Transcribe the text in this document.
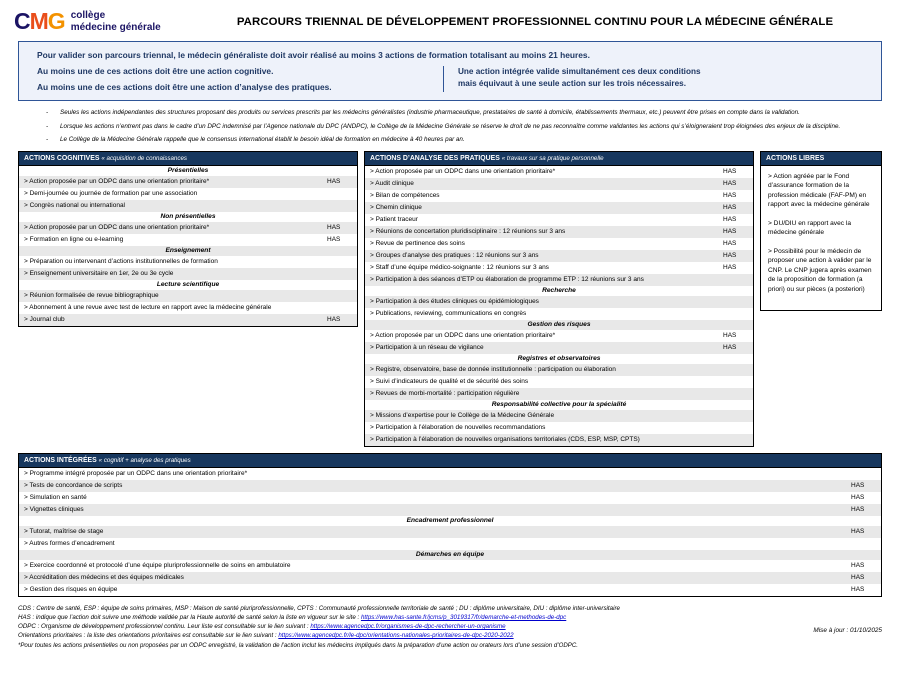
CMG collège
médecine générale	PARCOURS TRIENNAL DE DÉVELOPPEMENT PROFESSIONNEL CONTINU POUR LA MÉDECINE GÉNÉRALE
Pour valider son parcours triennal, le médecin généraliste doit avoir réalisé au moins 3 actions de formation totalisant au moins 21 heures.
Au moins une de ces actions doit être une action cognitive.
Au moins une de ces actions doit être une action d’analyse des pratiques.
Une action intégrée valide simultanément ces deux conditions
mais équivaut à une seule action sur les trois nécessaires.
-	Seules les actions indépendantes des structures proposant des produits ou services prescrits par les médecins généralistes (industrie pharmaceutique, prestataires de santé à domicile, établissements thermaux, etc.) peuvent être prises en compte dans la validation.
-	Lorsque les actions n’entrent pas dans le cadre d’un DPC indemnisé par l’Agence nationale du DPC (ANDPC), le Collège de la Médecine Générale se réserve le droit de ne pas reconnaître comme validantes les actions qui s’éloigneraient trop éloignées des enjeux de la discipline.
-	Le Collège de la Médecine Générale rappelle que le consensus international établit le besoin idéal de formation en médecine à 40 heures par an.
ACTIONS COGNITIVES « acquisition de connaissances
Présentielles
> Action proposée par un ODPC dans une orientation prioritaire*	HAS
> Demi-journée ou journée de formation par une association
> Congrès national ou international
Non présentielles
> Action proposée par un ODPC dans une orientation prioritaire*	HAS
> Formation en ligne ou e-learning	HAS
Enseignement
> Préparation ou intervenant d’actions institutionnelles de formation
> Enseignement universitaire en 1er, 2e ou 3e cycle
Lecture scientifique
> Réunion formalisée de revue bibliographique
> Abonnement à une revue avec test de lecture en rapport avec la médecine générale
> Journal club	HAS
ACTIONS D’ANALYSE DES PRATIQUES « travaux sur sa pratique personnelle
> Action proposée par un ODPC dans une orientation prioritaire*	HAS
> Audit clinique	HAS
> Bilan de compétences	HAS
> Chemin clinique	HAS
> Patient traceur	HAS
> Réunions de concertation pluridisciplinaire : 12 réunions sur 3 ans	HAS
> Revue de pertinence des soins	HAS
> Groupes d’analyse des pratiques : 12 réunions sur 3 ans	HAS
> Staff d’une équipe médico-soignante : 12 réunions sur 3 ans	HAS
> Participation à des séances d’ETP ou élaboration de programme ETP : 12 réunions sur 3 ans
Recherche
> Participation à des études cliniques ou épidémiologiques
> Publications, reviewing, communications en congrès
Gestion des risques
> Action proposée par un ODPC dans une orientation prioritaire*	HAS
> Participation à un réseau de vigilance	HAS
Registres et observatoires
> Registre, observatoire, base de donnée institutionnelle : participation ou élaboration
> Suivi d’indicateurs de qualité et de sécurité des soins
> Revues de morbi-mortalité : participation régulière
Responsabilité collective pour la spécialité
> Missions d’expertise pour le Collège de la Médecine Générale
> Participation à l’élaboration de nouvelles recommandations
> Participation à l’élaboration de nouvelles organisations territoriales (CDS, ESP, MSP, CPTS)
ACTIONS LIBRES

> Action agréée par le Fond d’assurance formation de la profession médicale (FAF-PM) en rapport avec la médecine générale

> DU/DIU en rapport avec la médecine générale

> Possibilité pour le médecin de proposer une action à valider par le CNP. Le CNP jugera après examen de la proposition de formation (a priori) ou sur pièces (a posteriori)

ACTIONS INTÉGRÉES « cognitif + analyse des pratiques
> Programme intégré proposée par un ODPC dans une orientation prioritaire*
> Tests de concordance de scripts	HAS
> Simulation en santé	HAS
> Vignettes cliniques	HAS
Encadrement professionnel
> Tutorat, maîtrise de stage	HAS
> Autres formes d’encadrement
Démarches en équipe
> Exercice coordonné et protocolé d’une équipe pluriprofessionnelle de soins en ambulatoire	HAS
> Accréditation des médecins et des équipes médicales	HAS
> Gestion des risques en équipe	HAS
CDS : Centre de santé, ESP : équipe de soins primaires, MSP : Maison de santé pluriprofessionnelle, CPTS : Communauté professionnelle territoriale de santé ; DU : diplôme universitaire, DIU : diplôme inter-universitaire
HAS : indique que l’action doit suivre une méthode validée par la Haute autorité de santé selon la liste en vigueur sur le site : https://www.has-sante.fr/jcms/p_3019317/fr/demarche-et-methodes-de-dpc
ODPC : Organisme de développement professionnel continu. Leur liste est consultable sur le lien suivant : https://www.agencedpc.fr/organismes-de-dpc-rechercher-un-organisme
Orientations prioritaires : la liste des orientations prioritaires est consultable sur le lien suivant : https://www.agencedpc.fr/le-dpc/orientations-nationales-prioritaires-de-dpc-2020-2022
*Pour toutes les actions présentielles ou non proposées par un ODPC enregistré, la validation de l’action inclut les médecins impliqués dans la préparation d’une action ou orateurs lors d’une session d’ODPC.
Mise à jour : 01/10/2025
